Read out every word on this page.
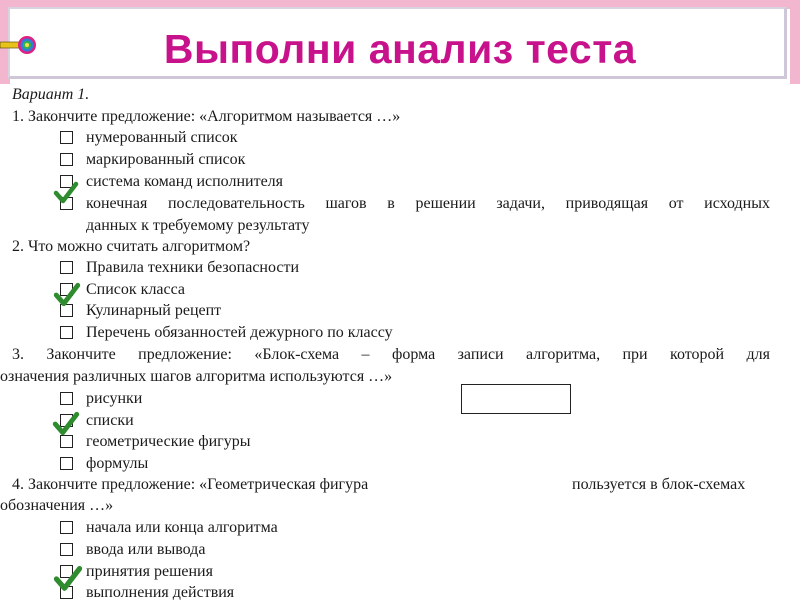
Выполни анализ теста
Вариант 1.
1. Закончите предложение: «Алгоритмом называется …»
нумерованный список
маркированный список
система команд исполнителя
конечная последовательность шагов в решении задачи, приводящая от исходных
данных к требуемому результату
2. Что можно считать алгоритмом?
Правила техники безопасности
Список класса
Кулинарный рецепт
Перечень обязанностей дежурного по классу
3. Закончите предложение: «Блок-схема – форма записи алгоритма, при которой для
означения различных шагов алгоритма используются …»
рисунки
списки
геометрические фигуры
формулы
4. Закончите предложение: «Геометрическая фигура	пользуется в блок-схемах
обозначения …»
начала или конца алгоритма
ввода или вывода
принятия решения
выполнения действия
